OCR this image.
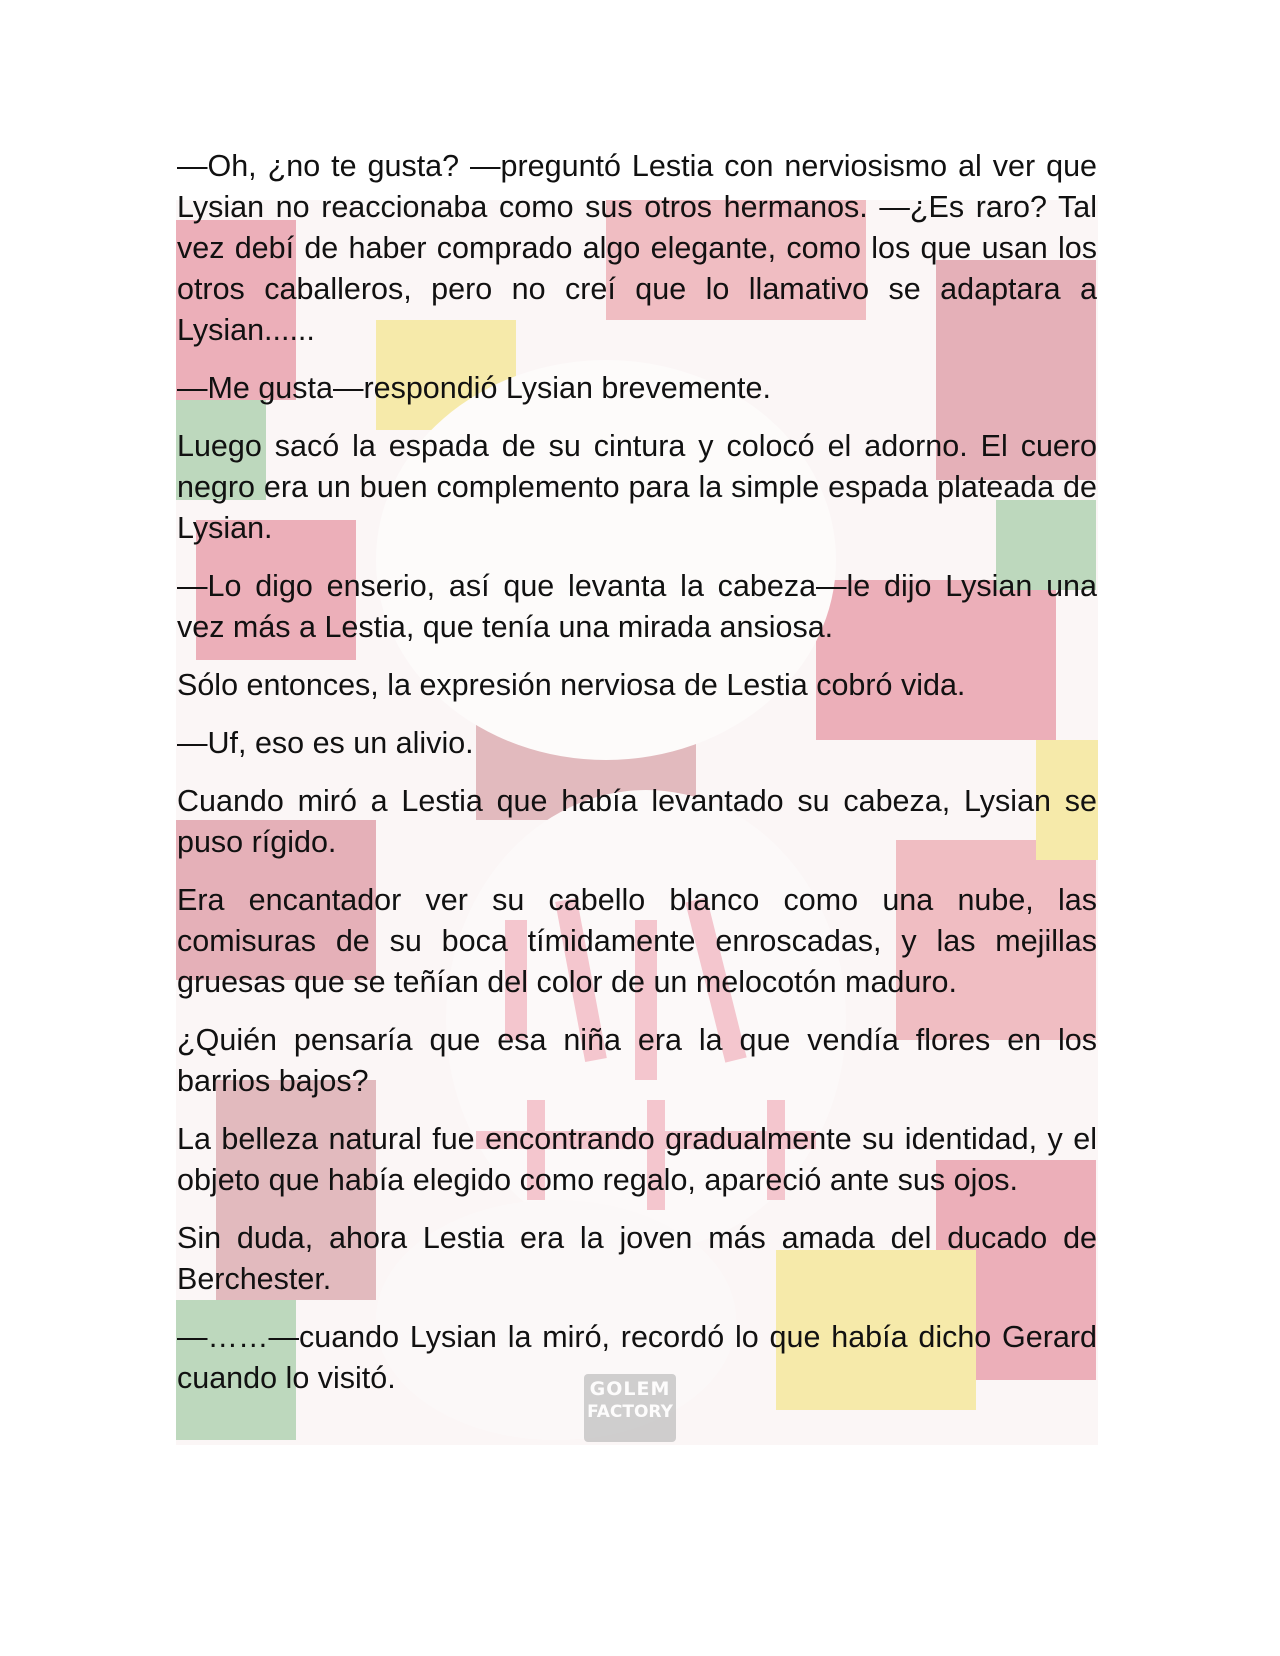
—Oh, ¿no te gusta? —preguntó Lestia con nerviosismo al ver que Lysian no reaccionaba como sus otros hermanos. —¿Es raro? Tal vez debí de haber comprado algo elegante, como los que usan los otros caballeros, pero no creí que lo llamativo se adaptara a Lysian......

—Me gusta—respondió Lysian brevemente.

Luego sacó la espada de su cintura y colocó el adorno. El cuero negro era un buen complemento para la simple espada plateada de Lysian.

—Lo digo enserio, así que levanta la cabeza—le dijo Lysian una vez más a Lestia, que tenía una mirada ansiosa.

Sólo entonces, la expresión nerviosa de Lestia cobró vida.

—Uf, eso es un alivio.

Cuando miró a Lestia que había levantado su cabeza, Lysian se puso rígido.

Era encantador ver su cabello blanco como una nube, las comisuras de su boca tímidamente enroscadas, y las mejillas gruesas que se teñían del color de un melocotón maduro.

¿Quién pensaría que esa niña era la que vendía flores en los barrios bajos?

La belleza natural fue encontrando gradualmente su identidad, y el objeto que había elegido como regalo, apareció ante sus ojos.

Sin duda, ahora Lestia era la joven más amada del ducado de Berchester.

—……—cuando Lysian la miró, recordó lo que había dicho Gerard cuando lo visitó.	GOLEM
FACTORY
